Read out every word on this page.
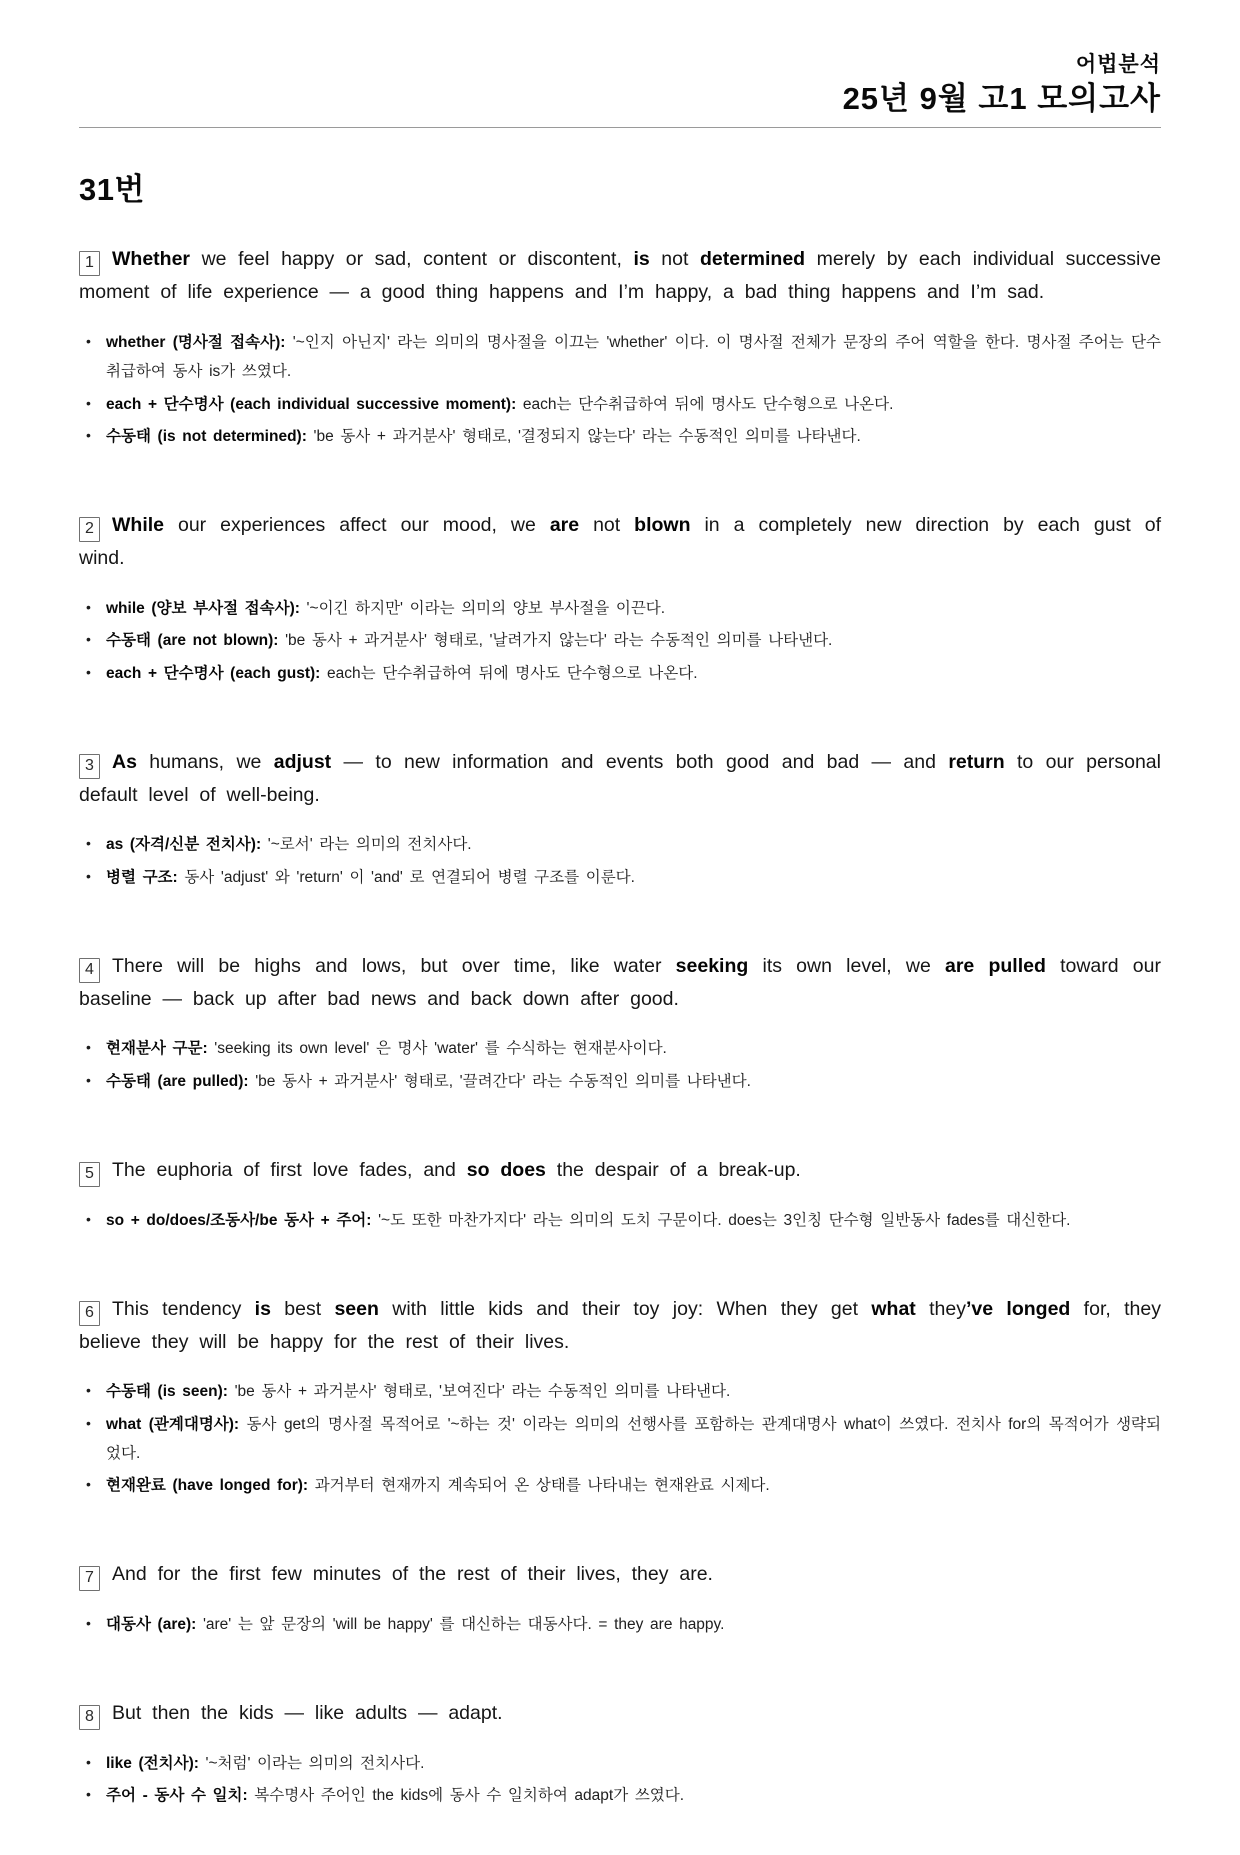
어법분석
25년 9월 고1 모의고사
31번

1 Whether we feel happy or sad, content or discontent, is not determined merely by each individual successive moment of life experience — a good thing happens and I’m happy, a bad thing happens and I’m sad.

• whether (명사절 접속사): '~인지 아닌지' 라는 의미의 명사절을 이끄는 'whether' 이다. 이 명사절 전체가 문장의 주어 역할을 한다. 명사절 주어는 단수취급하여 동사 is가 쓰였다.
• each + 단수명사 (each individual successive moment): each는 단수취급하여 뒤에 명사도 단수형으로 나온다.
• 수동태 (is not determined): 'be 동사 + 과거분사' 형태로, '결정되지 않는다' 라는 수동적인 의미를 나타낸다.

2 While our experiences affect our mood, we are not blown in a completely new direction by each gust of wind.

• while (양보 부사절 접속사): '~이긴 하지만' 이라는 의미의 양보 부사절을 이끈다.
• 수동태 (are not blown): 'be 동사 + 과거분사' 형태로, '날려가지 않는다' 라는 수동적인 의미를 나타낸다.
• each + 단수명사 (each gust): each는 단수취급하여 뒤에 명사도 단수형으로 나온다.

3 As humans, we adjust — to new information and events both good and bad — and return to our personal default level of well-being.

• as (자격/신분 전치사): '~로서' 라는 의미의 전치사다.
• 병렬 구조: 동사 'adjust' 와 'return' 이 'and' 로 연결되어 병렬 구조를 이룬다.

4 There will be highs and lows, but over time, like water seeking its own level, we are pulled toward our baseline — back up after bad news and back down after good.

• 현재분사 구문: 'seeking its own level' 은 명사 'water' 를 수식하는 현재분사이다.
• 수동태 (are pulled): 'be 동사 + 과거분사' 형태로, '끌려간다' 라는 수동적인 의미를 나타낸다.

5 The euphoria of first love fades, and so does the despair of a break-up.

• so + do/does/조동사/be 동사 + 주어: '~도 또한 마찬가지다' 라는 의미의 도치 구문이다. does는 3인칭 단수형 일반동사 fades를 대신한다.

6 This tendency is best seen with little kids and their toy joy: When they get what they’ve longed for, they believe they will be happy for the rest of their lives.

• 수동태 (is seen): 'be 동사 + 과거분사' 형태로, '보여진다' 라는 수동적인 의미를 나타낸다.
• what (관계대명사): 동사 get의 명사절 목적어로 '~하는 것' 이라는 의미의 선행사를 포함하는 관계대명사 what이 쓰였다. 전치사 for의 목적어가 생략되었다.
• 현재완료 (have longed for): 과거부터 현재까지 계속되어 온 상태를 나타내는 현재완료 시제다.

7 And for the first few minutes of the rest of their lives, they are.

• 대동사 (are): 'are' 는 앞 문장의 'will be happy' 를 대신하는 대동사다. = they are happy.

8 But then the kids — like adults — adapt.

• like (전치사): '~처럼' 이라는 의미의 전치사다.
• 주어 - 동사 수 일치: 복수명사 주어인 the kids에 동사 수 일치하여 adapt가 쓰였다.
